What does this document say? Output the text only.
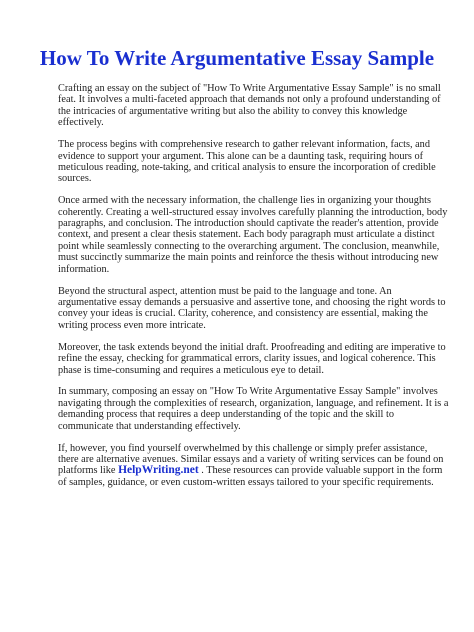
How To Write Argumentative Essay Sample

Crafting an essay on the subject of "How To Write Argumentative Essay Sample" is no small feat. It involves a multi-faceted approach that demands not only a profound understanding of the intricacies of argumentative writing but also the ability to convey this knowledge effectively.

The process begins with comprehensive research to gather relevant information, facts, and evidence to support your argument. This alone can be a daunting task, requiring hours of meticulous reading, note-taking, and critical analysis to ensure the incorporation of credible sources.

Once armed with the necessary information, the challenge lies in organizing your thoughts coherently. Creating a well-structured essay involves carefully planning the introduction, body paragraphs, and conclusion. The introduction should captivate the reader's attention, provide context, and present a clear thesis statement. Each body paragraph must articulate a distinct point while seamlessly connecting to the overarching argument. The conclusion, meanwhile, must succinctly summarize the main points and reinforce the thesis without introducing new information.

Beyond the structural aspect, attention must be paid to the language and tone. An argumentative essay demands a persuasive and assertive tone, and choosing the right words to convey your ideas is crucial. Clarity, coherence, and consistency are essential, making the writing process even more intricate.

Moreover, the task extends beyond the initial draft. Proofreading and editing are imperative to refine the essay, checking for grammatical errors, clarity issues, and logical coherence. This phase is time-consuming and requires a meticulous eye to detail.

In summary, composing an essay on "How To Write Argumentative Essay Sample" involves navigating through the complexities of research, organization, language, and refinement. It is a demanding process that requires a deep understanding of the topic and the skill to communicate that understanding effectively.

If, however, you find yourself overwhelmed by this challenge or simply prefer assistance, there are alternative avenues. Similar essays and a variety of writing services can be found on platforms like HelpWriting.net . These resources can provide valuable support in the form of samples, guidance, or even custom-written essays tailored to your specific requirements.
